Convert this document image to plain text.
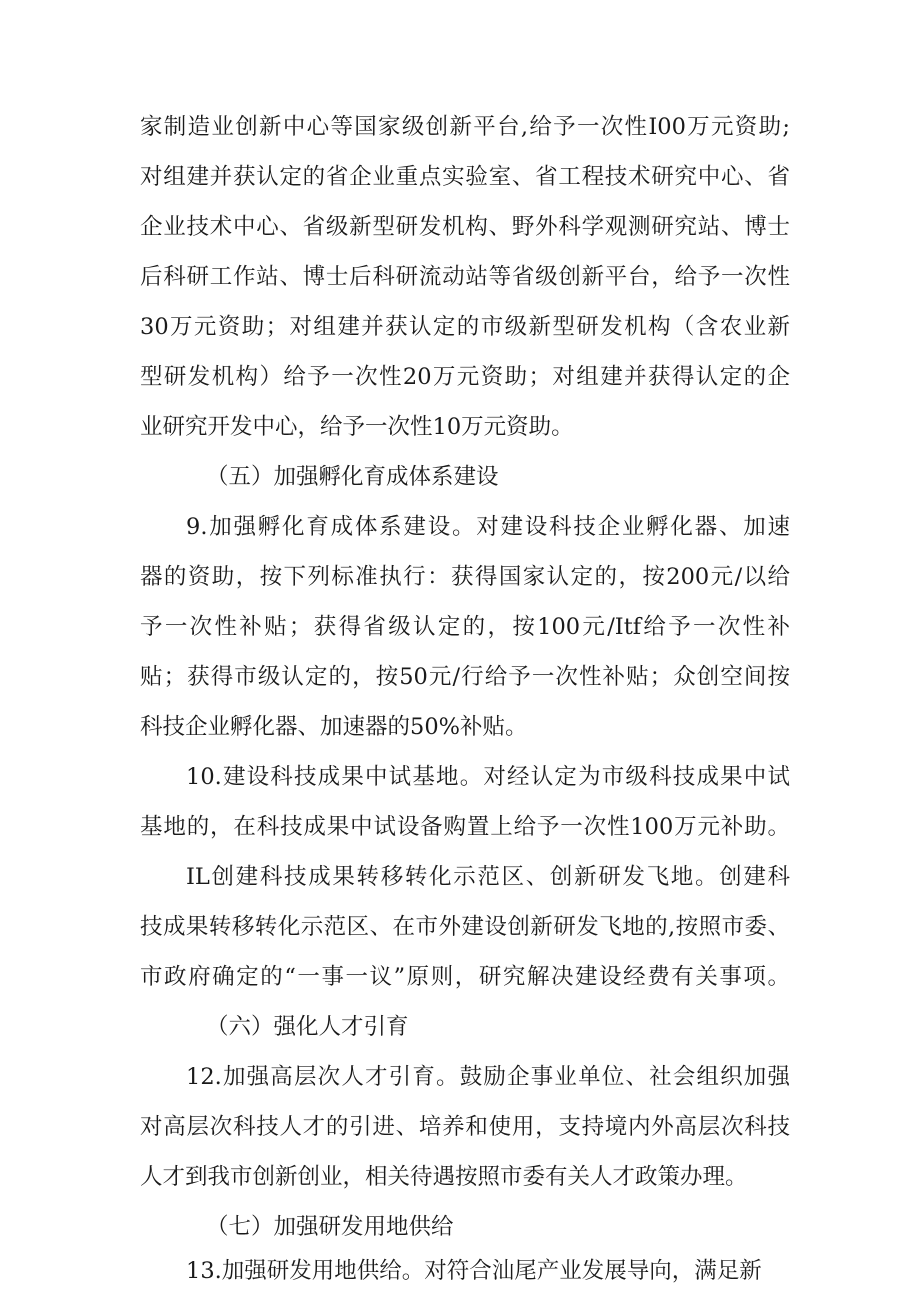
家制造业创新中心等国家级创新平台,给予一次性I00万元资助;
对组建并获认定的省企业重点实验室、省工程技术研究中心、省
企业技术中心、省级新型研发机构、野外科学观测研究站、博士
后科研工作站、博士后科研流动站等省级创新平台，给予一次性
30万元资助；对组建并获认定的市级新型研发机构（含农业新
型研发机构）给予一次性20万元资助；对组建并获得认定的企
业研究开发中心，给予一次性10万元资助。
（五）加强孵化育成体系建设
9.加强孵化育成体系建设。对建设科技企业孵化器、加速
器的资助，按下列标准执行：获得国家认定的，按200元/以给
予一次性补贴；获得省级认定的，按100元/Itf给予一次性补
贴；获得市级认定的，按50元/行给予一次性补贴；众创空间按
科技企业孵化器、加速器的50%补贴。
10.建设科技成果中试基地。对经认定为市级科技成果中试
基地的，在科技成果中试设备购置上给予一次性100万元补助。
IL创建科技成果转移转化示范区、创新研发飞地。创建科
技成果转移转化示范区、在市外建设创新研发飞地的,按照市委、
市政府确定的“一事一议”原则，研究解决建设经费有关事项。
（六）强化人才引育
12.加强高层次人才引育。鼓励企事业单位、社会组织加强
对高层次科技人才的引进、培养和使用，支持境内外高层次科技
人才到我市创新创业，相关待遇按照市委有关人才政策办理。
（七）加强研发用地供给
13.加强研发用地供给。对符合汕尾产业发展导向，满足新
